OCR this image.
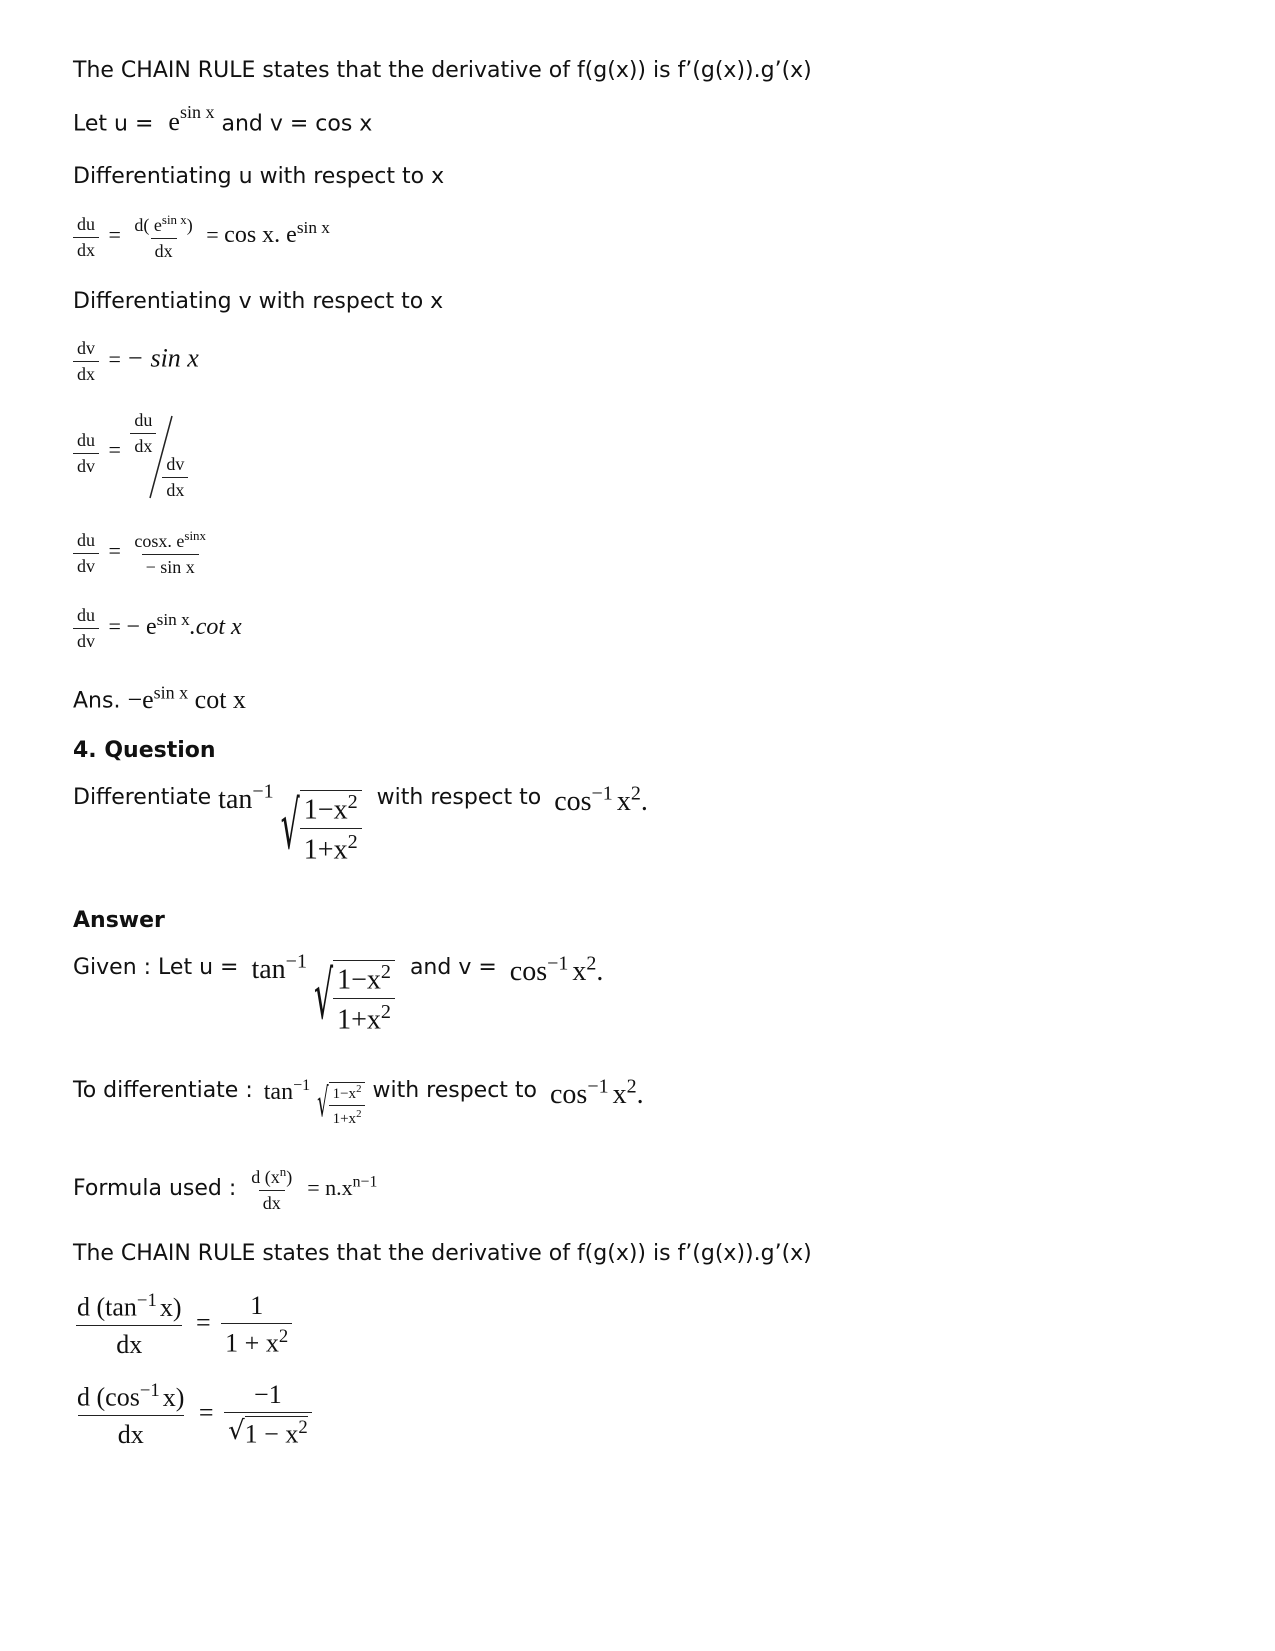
The CHAIN RULE states that the derivative of f(g(x)) is f’(g(x)).g’(x)
Let $u = e^{sin x}$ and v = cos x
Differentiating u with respect to x
$\frac{du}{dx} = \frac{d( e^{sin x})}{dx} = \cos x$. $e^{sin x}$
Differentiating v with respect to x
$\frac{dv}{dx}$ = − sin x
$\frac{du}{dv} = \frac{du}{dx}$
$\frac{dv}{dx}$
$\frac{du}{dv} = \frac{\cos x. e^{sinx}}{\text{− sin x}}$
$\frac{du}{dv}$ = − $e^{sin x}.\cot$ x
Ans. $-e^{sin x}$ cot x
4. Question
Differentiate $\tan^{-1}$ √ $\frac{1-x^2}{1+x^2}$ with respect to $\cos^{-1} x^2$.
Answer
Given : Let $u = \tan^{-1}$ √ $\frac{1-x^2}{1+x^2}$ and $v = \cos^{-1} x^2$.
To differentiate : $\tan^{-1}$ √ $\frac{1-x^2}{1+x^2}$ with respect to $\cos^{-1} x^2$.
Formula used : $\frac{d (x^n)}{dx} = n.x^{n-1}$
The CHAIN RULE states that the derivative of f(g(x)) is f’(g(x)).g’(x)
$\frac{d (\tan^{-1} x)}{dx} = \frac{1}{1 + x^2}$
$\frac{d (\cos^{-1} x)}{dx} = \frac{-1}{√ 1 - x^2}$
